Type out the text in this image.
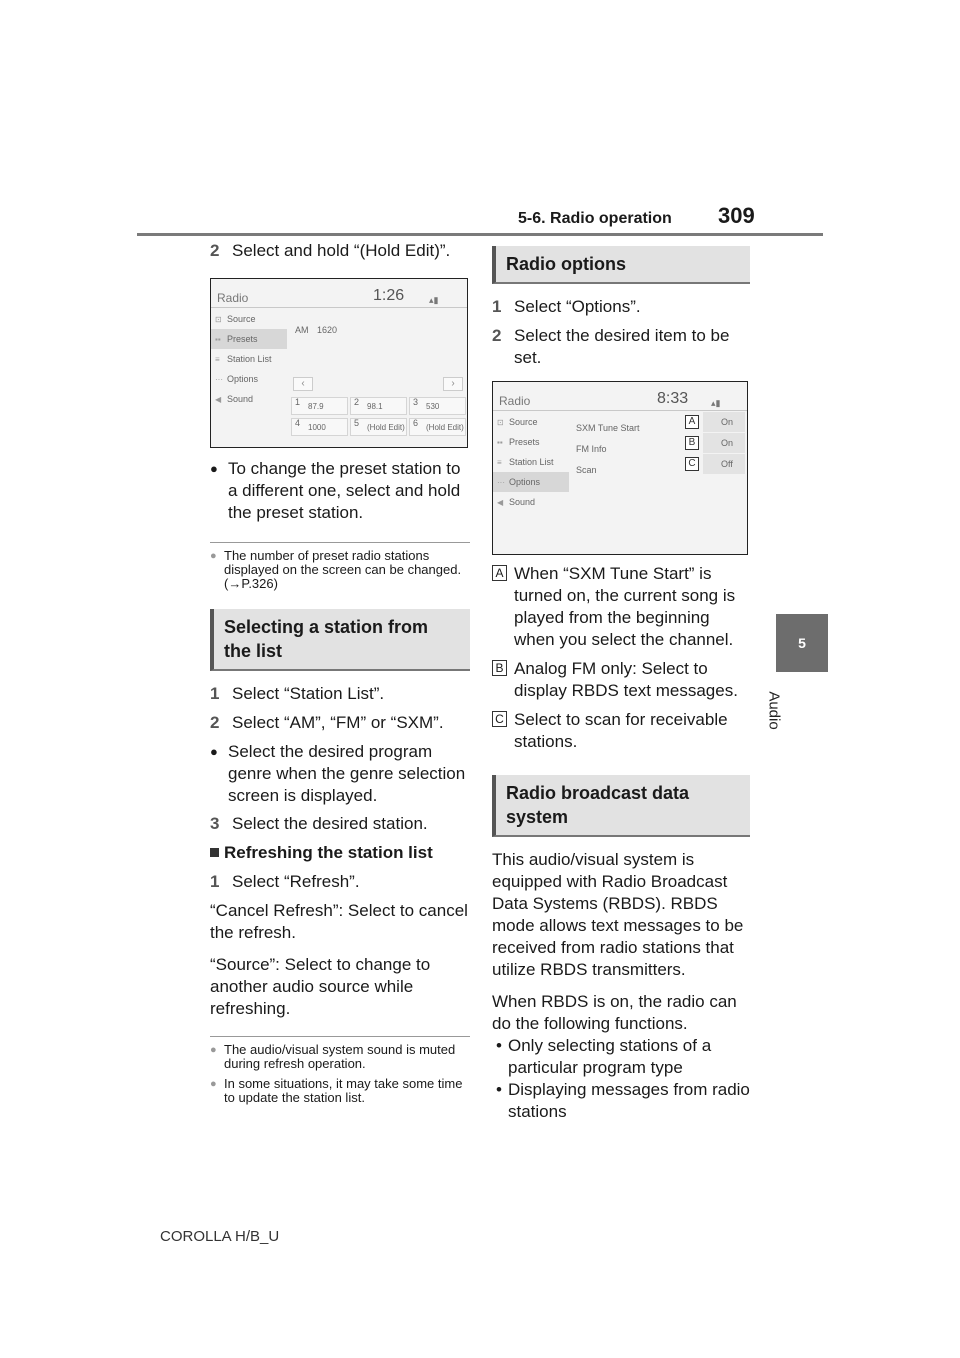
5-6. Radio operation 309
5
Audio
2 Select and hold “(Hold Edit)”.
Radio	1:26	▴▮
⊡ Source
▪▪ Presets
≡ Station List
··· Options
◀ Sound
AM 1620
‹	›
1 87.9	2 98.1	3 530
4 1000	5 (Hold Edit) 6 (Hold Edit)
● To change the preset station to a different one, select and hold the preset station.
● The number of preset radio stations displayed on the screen can be changed. (→P.326)
Selecting a station from the list
1 Select “Station List”.
2 Select “AM”, “FM” or “SXM”.
● Select the desired program genre when the genre selection screen is displayed.
3 Select the desired station.
Refreshing the station list
1 Select “Refresh”.
“Cancel Refresh”: Select to cancel the refresh.
“Source”: Select to change to another audio source while refreshing.
● The audio/visual system sound is muted during refresh operation.
● In some situations, it may take some time to update the station list.
Radio options
1 Select “Options”.
2 Select the desired item to be set.
Radio	8:33	▴▮
⊡ Source
▪▪ Presets
≡ Station List
··· Options
◀ Sound
SXM Tune Start
A	On
FM Info
B	On
Scan
C	Off
A When “SXM Tune Start” is turned on, the current song is played from the beginning when you select the channel.
B Analog FM only: Select to display RBDS text messages.
C Select to scan for receivable stations.
Radio broadcast data system
This audio/visual system is equipped with Radio Broadcast Data Systems (RBDS). RBDS mode allows text messages to be received from radio stations that utilize RBDS transmitters.
When RBDS is on, the radio can do the following functions.
• Only selecting stations of a particular program type
• Displaying messages from radio stations
COROLLA H/B_U
